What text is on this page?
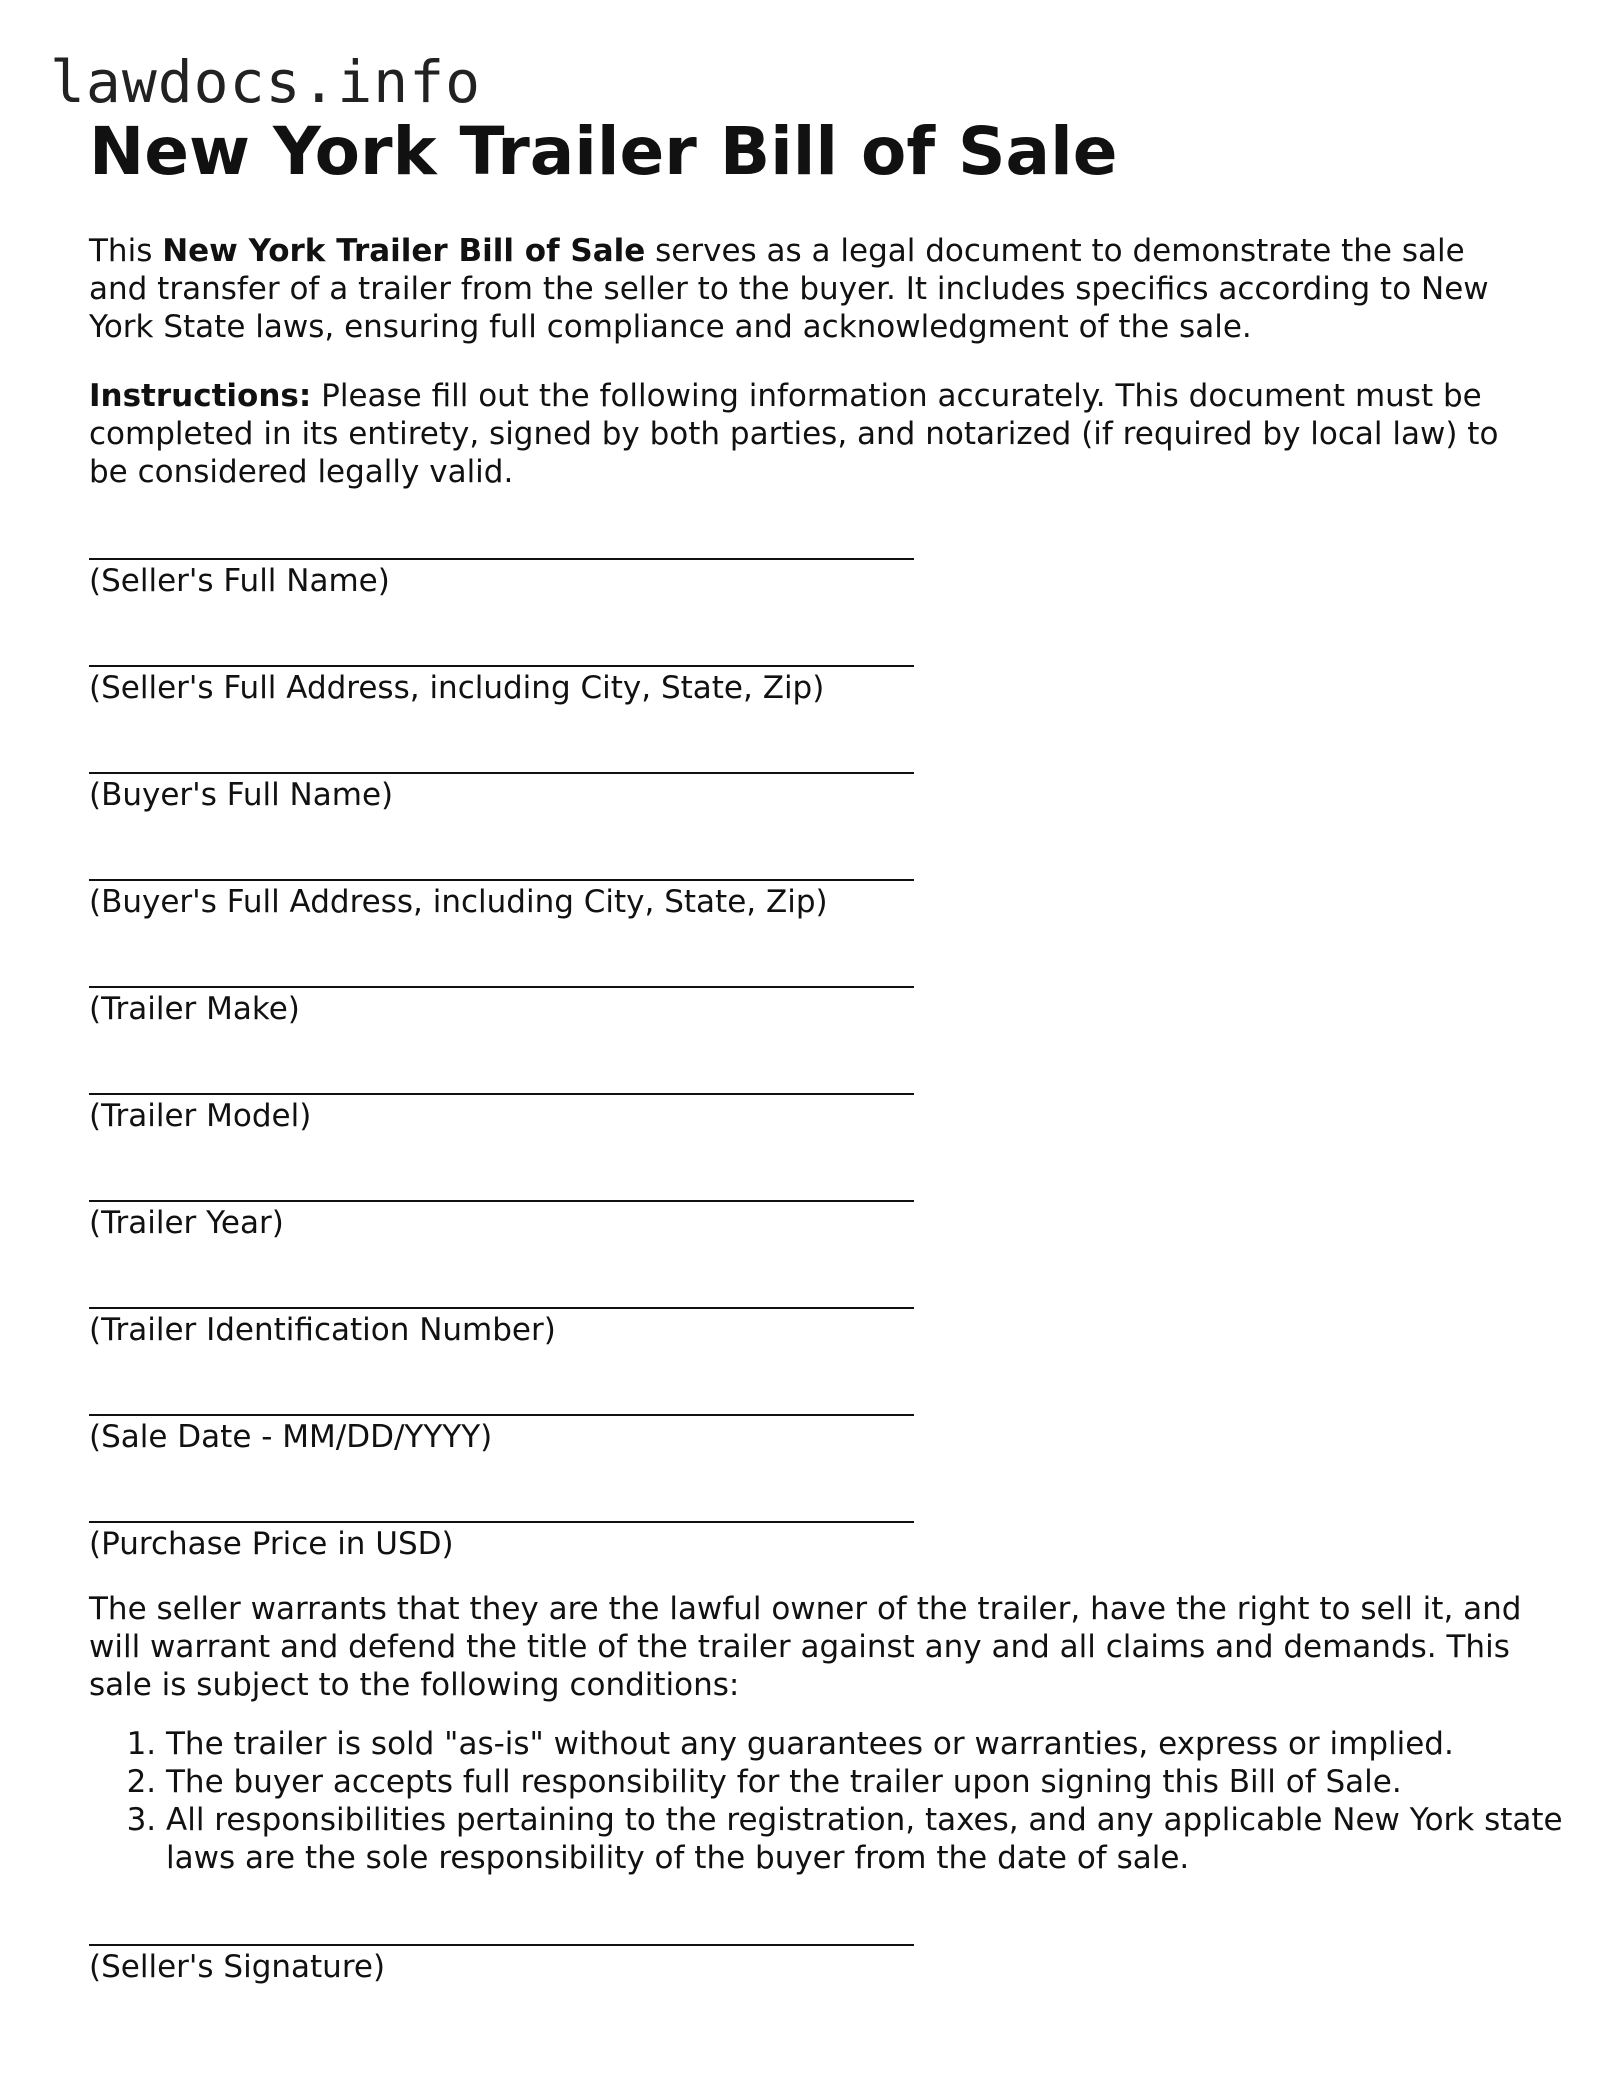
lawdocs.info
New York Trailer Bill of Sale

This New York Trailer Bill of Sale serves as a legal document to demonstrate the sale and transfer of a trailer from the seller to the buyer. It includes specifics according to New York State laws, ensuring full compliance and acknowledgment of the sale.

Instructions: Please fill out the following information accurately. This document must be completed in its entirety, signed by both parties, and notarized (if required by local law) to be considered legally valid.

(Seller's Full Name)
(Seller's Full Address, including City, State, Zip)
(Buyer's Full Name)
(Buyer's Full Address, including City, State, Zip)
(Trailer Make)
(Trailer Model)
(Trailer Year)
(Trailer Identification Number)
(Sale Date - MM/DD/YYYY)
(Purchase Price in USD)

The seller warrants that they are the lawful owner of the trailer, have the right to sell it, and will warrant and defend the title of the trailer against any and all claims and demands. This sale is subject to the following conditions:

1. The trailer is sold "as-is" without any guarantees or warranties, express or implied.
2. The buyer accepts full responsibility for the trailer upon signing this Bill of Sale.
3. All responsibilities pertaining to the registration, taxes, and any applicable New York state laws are the sole responsibility of the buyer from the date of sale.
(Seller's Signature)
